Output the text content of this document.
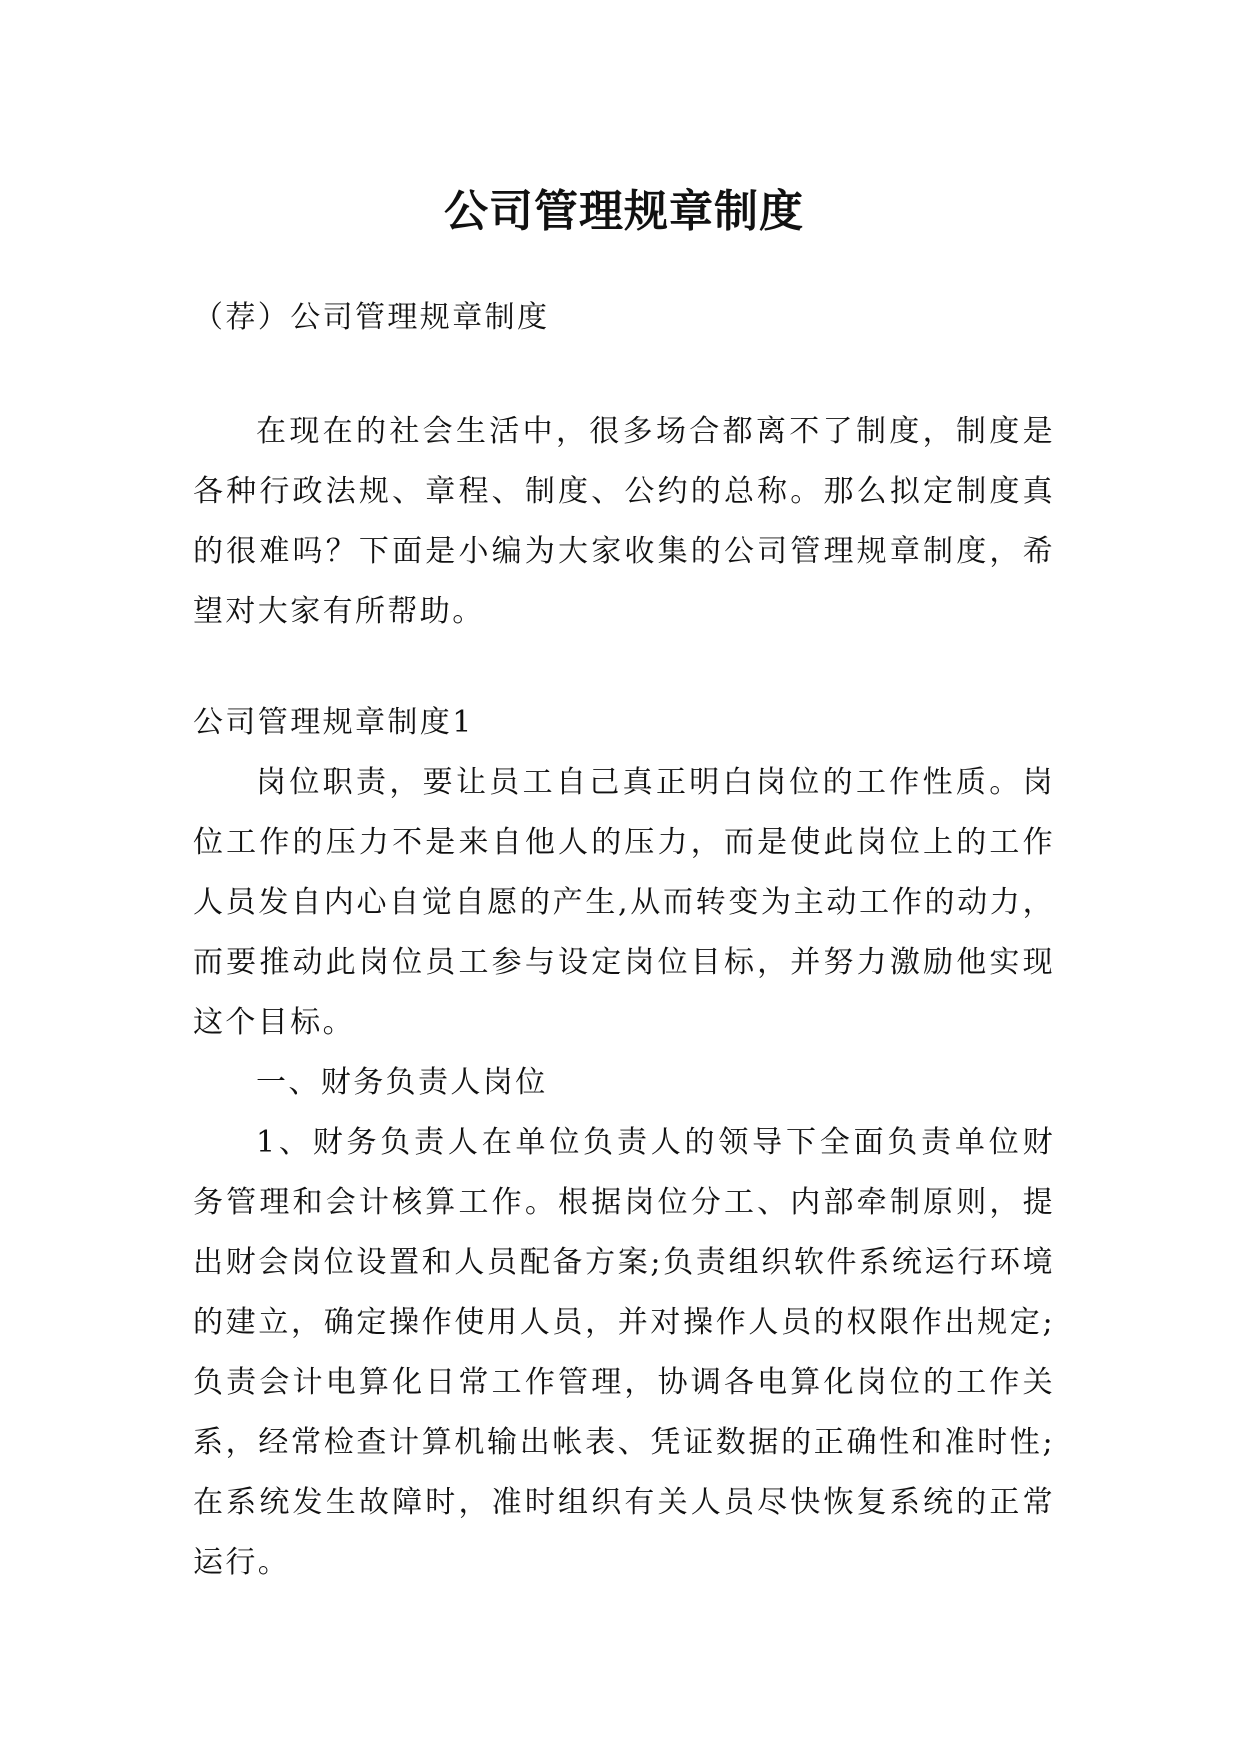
公司管理规章制度

（荐）公司管理规章制度

在现在的社会生活中，很多场合都离不了制度，制度是各种行政法规、章程、制度、公约的总称。那么拟定制度真的很难吗？下面是小编为大家收集的公司管理规章制度，希望对大家有所帮助。

公司管理规章制度1

岗位职责，要让员工自己真正明白岗位的工作性质。岗位工作的压力不是来自他人的压力，而是使此岗位上的工作人员发自内心自觉自愿的产生,从而转变为主动工作的动力，而要推动此岗位员工参与设定岗位目标，并努力激励他实现这个目标。

一、财务负责人岗位

1、财务负责人在单位负责人的领导下全面负责单位财务管理和会计核算工作。根据岗位分工、内部牵制原则，提出财会岗位设置和人员配备方案;负责组织软件系统运行环境的建立，确定操作使用人员，并对操作人员的权限作出规定;负责会计电算化日常工作管理，协调各电算化岗位的工作关系，经常检查计算机输出帐表、凭证数据的正确性和准时性;在系统发生故障时，准时组织有关人员尽快恢复系统的正常运行。
